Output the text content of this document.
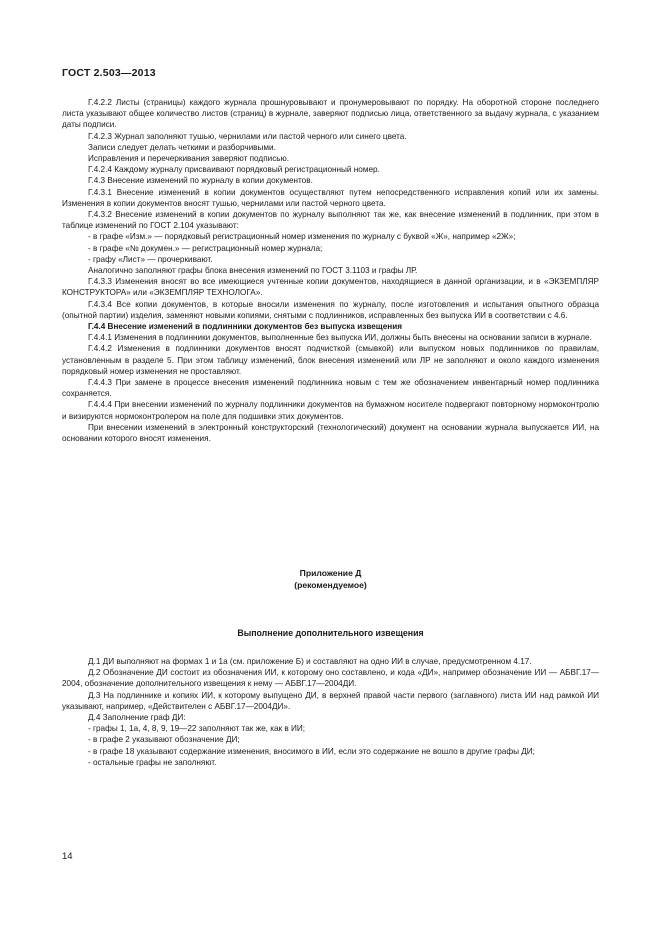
ГОСТ 2.503—2013

Г.4.2.2 Листы (страницы) каждого журнала прошнуровывают и пронумеровывают по порядку. На оборотной стороне последнего листа указывают общее количество листов (страниц) в журнале, заверяют подписью лица, ответственного за выдачу журнала, с указанием даты подписи.

Г.4.2.3 Журнал заполняют тушью, чернилами или пастой черного или синего цвета.

Записи следует делать четкими и разборчивыми.

Исправления и перечеркивания заверяют подписью.

Г.4.2.4 Каждому журналу присваивают порядковый регистрационный номер.

Г.4.3 Внесение изменений по журналу в копии документов.

Г.4.3.1 Внесение изменений в копии документов осуществляют путем непосредственного исправления копий или их замены. Изменения в копии документов вносят тушью, чернилами или пастой черного цвета.

Г.4.3.2 Внесение изменений в копии документов по журналу выполняют так же, как внесение изменений в подлинник, при этом в таблице изменений по ГОСТ 2.104 указывают:

- в графе «Изм.» — порядковый регистрационный номер изменения по журналу с буквой «Ж», например «2Ж»;

- в графе «№ докумен.» — регистрационный номер журнала;

- графу «Лист» — прочеркивают.

Аналогично заполняют графы блока внесения изменений по ГОСТ 3.1103 и графы ЛР.

Г.4.3.3 Изменения вносят во все имеющиеся учтенные копии документов, находящиеся в данной организации, и в «ЭКЗЕМПЛЯР КОНСТРУКТОРА» или «ЭКЗЕМПЛЯР ТЕХНОЛОГА».

Г.4.3.4 Все копии документов, в которые вносили изменения по журналу, после изготовления и испытания опытного образца (опытной партии) изделия, заменяют новыми копиями, снятыми с подлинников, исправленных без выпуска ИИ в соответствии с 4.6.

Г.4.4 Внесение изменений в подлинники документов без выпуска извещения

Г.4.4.1 Изменения в подлинники документов, выполненные без выпуска ИИ, должны быть внесены на основании записи в журнале.

Г.4.4.2 Изменения в подлинники документов вносят подчисткой (смывкой) или выпуском новых подлинников по правилам, установленным в разделе 5. При этом таблицу изменений, блок внесения изменений или ЛР не заполняют и около каждого изменения порядковый номер изменения не проставляют.

Г.4.4.3 При замене в процессе внесения изменений подлинника новым с тем же обозначением инвентарный номер подлинника сохраняется.

Г.4.4.4 При внесении изменений по журналу подлинники документов на бумажном носителе подвергают повторному нормоконтролю и визируются нормоконтролером на поле для подшивки этих документов.

При внесении изменений в электронный конструкторский (технологический) документ на основании журнала выпускается ИИ, на основании которого вносят изменения.

Приложение Д
(рекомендуемое)
Выполнение дополнительного извещения

Д.1 ДИ выполняют на формах 1 и 1а (см. приложение Б) и составляют на одно ИИ в случае, предусмотренном 4.17.

Д.2 Обозначение ДИ состоит из обозначения ИИ, к которому оно составлено, и кода «ДИ», например обозначение ИИ — АБВГ.17—2004, обозначение дополнительного извещения к нему — АБВГ.17—2004ДИ.

Д.3 На подлиннике и копиях ИИ, к которому выпущено ДИ, в верхней правой части первого (заглавного) листа ИИ над рамкой ИИ указывают, например, «Действителен с АБВГ.17—2004ДИ».

Д.4 Заполнение граф ДИ:

- графы 1, 1а, 4, 8, 9, 19—22 заполняют так же, как в ИИ;

- в графе 2 указывают обозначение ДИ;

- в графе 18 указывают содержание изменения, вносимого в ИИ, если это содержание не вошло в другие графы ДИ;

- остальные графы не заполняют.

14
